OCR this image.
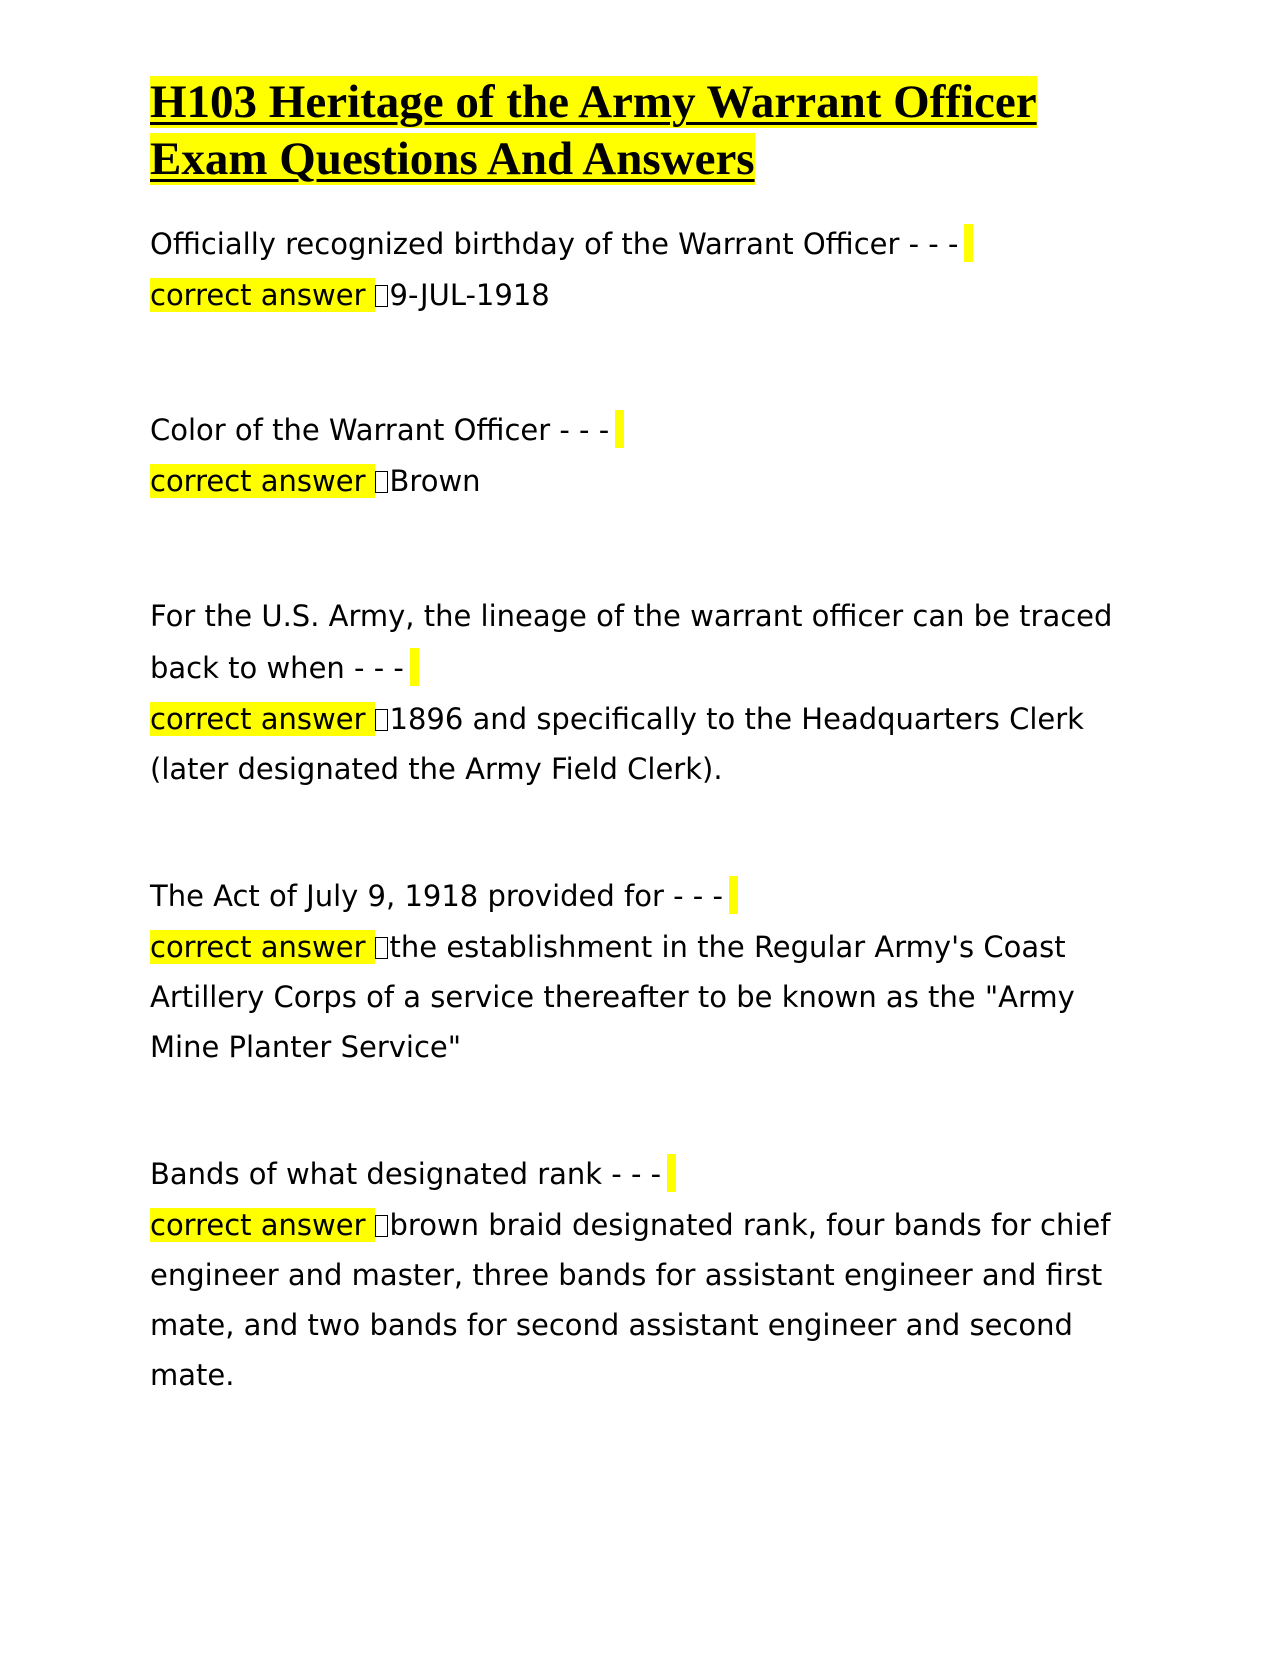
H103 Heritage of the Army Warrant Officer Exam Questions And Answers
Officially recognized birthday of the Warrant Officer - - -
correct answer 9-JUL-1918
Color of the Warrant Officer - - -
correct answer Brown
For the U.S. Army, the lineage of the warrant officer can be traced back to when - - -
correct answer 1896 and specifically to the Headquarters Clerk (later designated the Army Field Clerk).
The Act of July 9, 1918 provided for - - -
correct answer the establishment in the Regular Army's Coast Artillery Corps of a service thereafter to be known as the "Army Mine Planter Service"
Bands of what designated rank - - -
correct answer brown braid designated rank, four bands for chief engineer and master, three bands for assistant engineer and first mate, and two bands for second assistant engineer and second mate.
